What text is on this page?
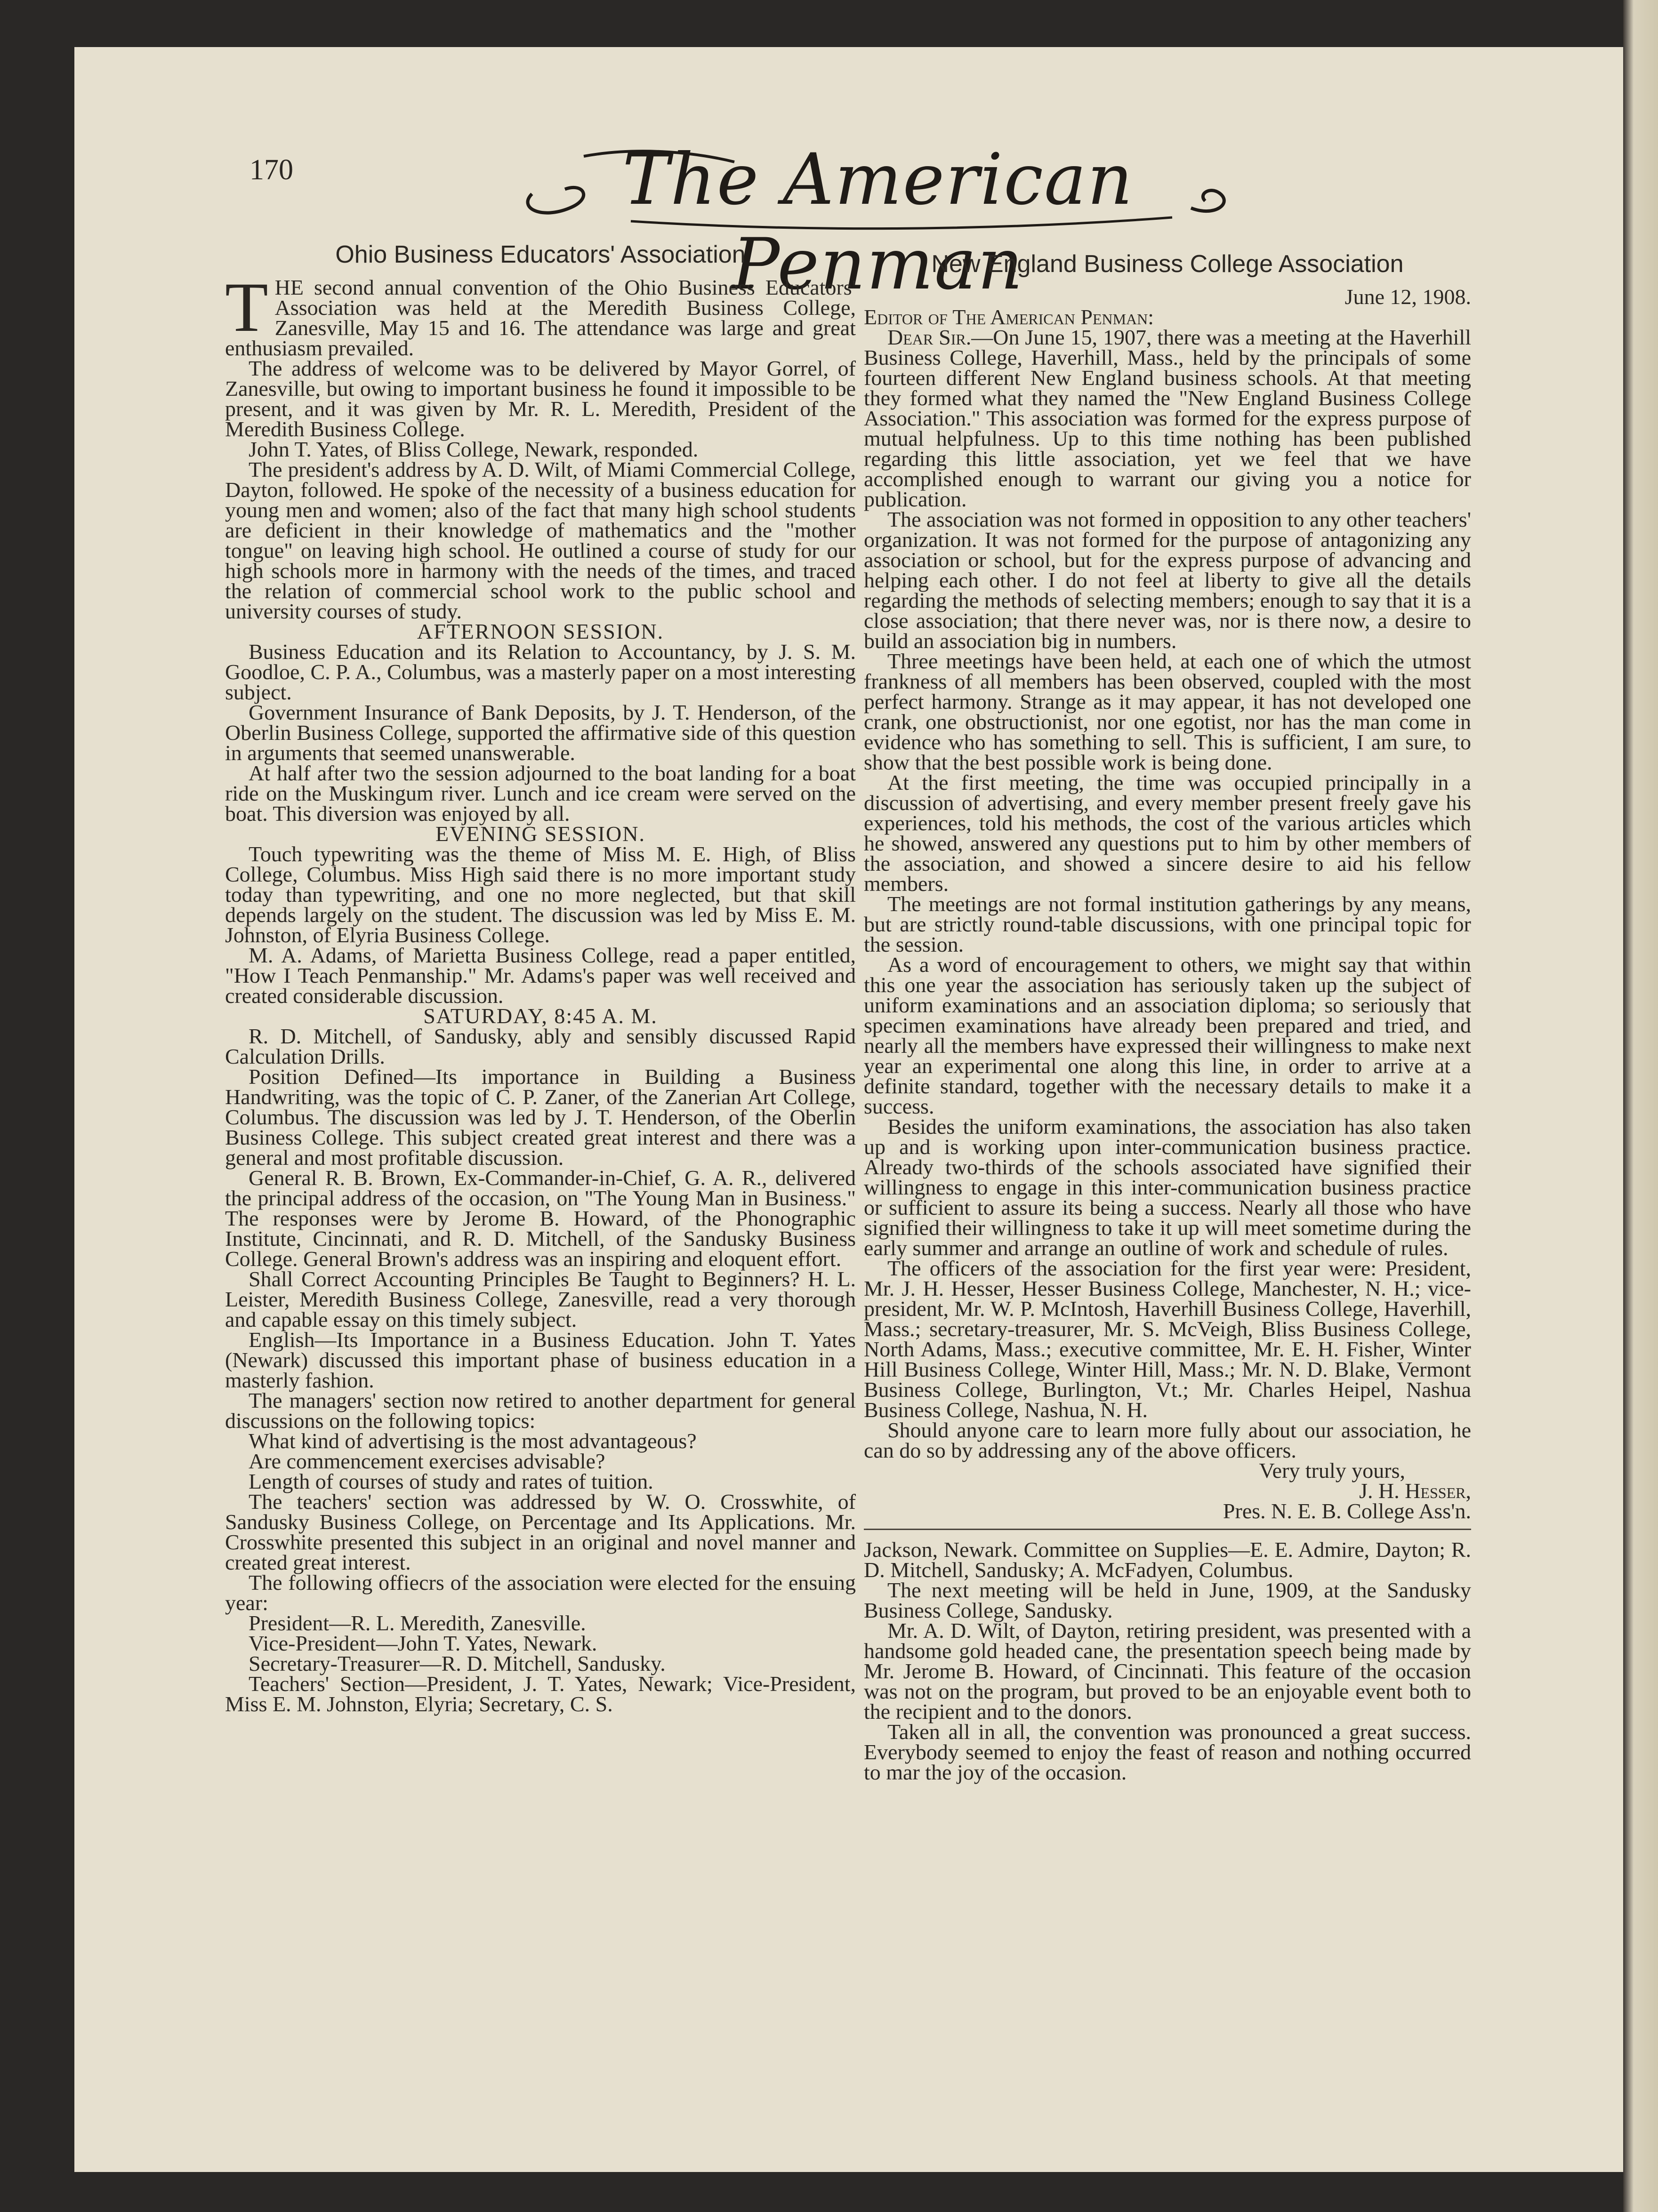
170	The American Penman
Ohio Business Educators' Association

THE second annual convention of the Ohio Business Educators' Association was held at the Meredith Business College, Zanesville, May 15 and 16. The attendance was large and great enthusiasm prevailed.

The address of welcome was to be delivered by Mayor Gorrel, of Zanesville, but owing to important business he found it impossible to be present, and it was given by Mr. R. L. Meredith, President of the Meredith Business College.

John T. Yates, of Bliss College, Newark, responded.

The president's address by A. D. Wilt, of Miami Commercial College, Dayton, followed. He spoke of the necessity of a business education for young men and women; also of the fact that many high school students are deficient in their knowledge of mathematics and the "mother tongue" on leaving high school. He outlined a course of study for our high schools more in harmony with the needs of the times, and traced the relation of commercial school work to the public school and university courses of study.

AFTERNOON SESSION.

Business Education and its Relation to Accountancy, by J. S. M. Goodloe, C. P. A., Columbus, was a masterly paper on a most interesting subject.

Government Insurance of Bank Deposits, by J. T. Henderson, of the Oberlin Business College, supported the affirmative side of this question in arguments that seemed unanswerable.

At half after two the session adjourned to the boat landing for a boat ride on the Muskingum river. Lunch and ice cream were served on the boat. This diversion was enjoyed by all.

EVENING SESSION.

Touch typewriting was the theme of Miss M. E. High, of Bliss College, Columbus. Miss High said there is no more important study today than typewriting, and one no more neglected, but that skill depends largely on the student. The discussion was led by Miss E. M. Johnston, of Elyria Business College.

M. A. Adams, of Marietta Business College, read a paper entitled, "How I Teach Penmanship." Mr. Adams's paper was well received and created considerable discussion.

SATURDAY, 8:45 A. M.

R. D. Mitchell, of Sandusky, ably and sensibly discussed Rapid Calculation Drills.

Position Defined—Its importance in Building a Business Handwriting, was the topic of C. P. Zaner, of the Zanerian Art College, Columbus. The discussion was led by J. T. Henderson, of the Oberlin Business College. This subject created great interest and there was a general and most profitable discussion.

General R. B. Brown, Ex-Commander-in-Chief, G. A. R., delivered the principal address of the occasion, on "The Young Man in Business." The responses were by Jerome B. Howard, of the Phonographic Institute, Cincinnati, and R. D. Mitchell, of the Sandusky Business College. General Brown's address was an inspiring and eloquent effort.

Shall Correct Accounting Principles Be Taught to Beginners? H. L. Leister, Meredith Business College, Zanesville, read a very thorough and capable essay on this timely subject.

English—Its Importance in a Business Education. John T. Yates (Newark) discussed this important phase of business education in a masterly fashion.

The managers' section now retired to another department for general discussions on the following topics:

What kind of advertising is the most advantageous?

Are commencement exercises advisable?

Length of courses of study and rates of tuition.

The teachers' section was addressed by W. O. Crosswhite, of Sandusky Business College, on Percentage and Its Applications. Mr. Crosswhite presented this subject in an original and novel manner and created great interest.

The following offiecrs of the association were elected for the ensuing year:

President—R. L. Meredith, Zanesville.

Vice-President—John T. Yates, Newark.

Secretary-Treasurer—R. D. Mitchell, Sandusky.

Teachers' Section—President, J. T. Yates, Newark; Vice-President, Miss E. M. Johnston, Elyria; Secretary, C. S.

New England Business College Association

June 12, 1908.

Editor of The American Penman:

Dear Sir.—On June 15, 1907, there was a meeting at the Haverhill Business College, Haverhill, Mass., held by the principals of some fourteen different New England business schools. At that meeting they formed what they named the "New England Business College Association." This association was formed for the express purpose of mutual helpfulness. Up to this time nothing has been published regarding this little association, yet we feel that we have accomplished enough to warrant our giving you a notice for publication.

The association was not formed in opposition to any other teachers' organization. It was not formed for the purpose of antagonizing any association or school, but for the express purpose of advancing and helping each other. I do not feel at liberty to give all the details regarding the methods of selecting members; enough to say that it is a close association; that there never was, nor is there now, a desire to build an association big in numbers.

Three meetings have been held, at each one of which the utmost frankness of all members has been observed, coupled with the most perfect harmony. Strange as it may appear, it has not developed one crank, one obstructionist, nor one egotist, nor has the man come in evidence who has something to sell. This is sufficient, I am sure, to show that the best possible work is being done.

At the first meeting, the time was occupied principally in a discussion of advertising, and every member present freely gave his experiences, told his methods, the cost of the various articles which he showed, answered any questions put to him by other members of the association, and showed a sincere desire to aid his fellow members.

The meetings are not formal institution gatherings by any means, but are strictly round-table discussions, with one principal topic for the session.

As a word of encouragement to others, we might say that within this one year the association has seriously taken up the subject of uniform examinations and an association diploma; so seriously that specimen examinations have already been prepared and tried, and nearly all the members have expressed their willingness to make next year an experimental one along this line, in order to arrive at a definite standard, together with the necessary details to make it a success.

Besides the uniform examinations, the association has also taken up and is working upon inter-communication business practice. Already two-thirds of the schools associated have signified their willingness to engage in this inter-communication business practice or sufficient to assure its being a success. Nearly all those who have signified their willingness to take it up will meet sometime during the early summer and arrange an outline of work and schedule of rules.

The officers of the association for the first year were: President, Mr. J. H. Hesser, Hesser Business College, Manchester, N. H.; vice-president, Mr. W. P. McIntosh, Haverhill Business College, Haverhill, Mass.; secretary-treasurer, Mr. S. McVeigh, Bliss Business College, North Adams, Mass.; executive committee, Mr. E. H. Fisher, Winter Hill Business College, Winter Hill, Mass.; Mr. N. D. Blake, Vermont Business College, Burlington, Vt.; Mr. Charles Heipel, Nashua Business College, Nashua, N. H.

Should anyone care to learn more fully about our association, he can do so by addressing any of the above officers.

Very truly yours,

J. H. Hesser,

Pres. N. E. B. College Ass'n.

Jackson, Newark. Committee on Supplies—E. E. Admire, Dayton; R. D. Mitchell, Sandusky; A. McFadyen, Columbus.

The next meeting will be held in June, 1909, at the Sandusky Business College, Sandusky.

Mr. A. D. Wilt, of Dayton, retiring president, was presented with a handsome gold headed cane, the presentation speech being made by Mr. Jerome B. Howard, of Cincinnati. This feature of the occasion was not on the program, but proved to be an enjoyable event both to the recipient and to the donors.

Taken all in all, the convention was pronounced a great success. Everybody seemed to enjoy the feast of reason and nothing occurred to mar the joy of the occasion.
